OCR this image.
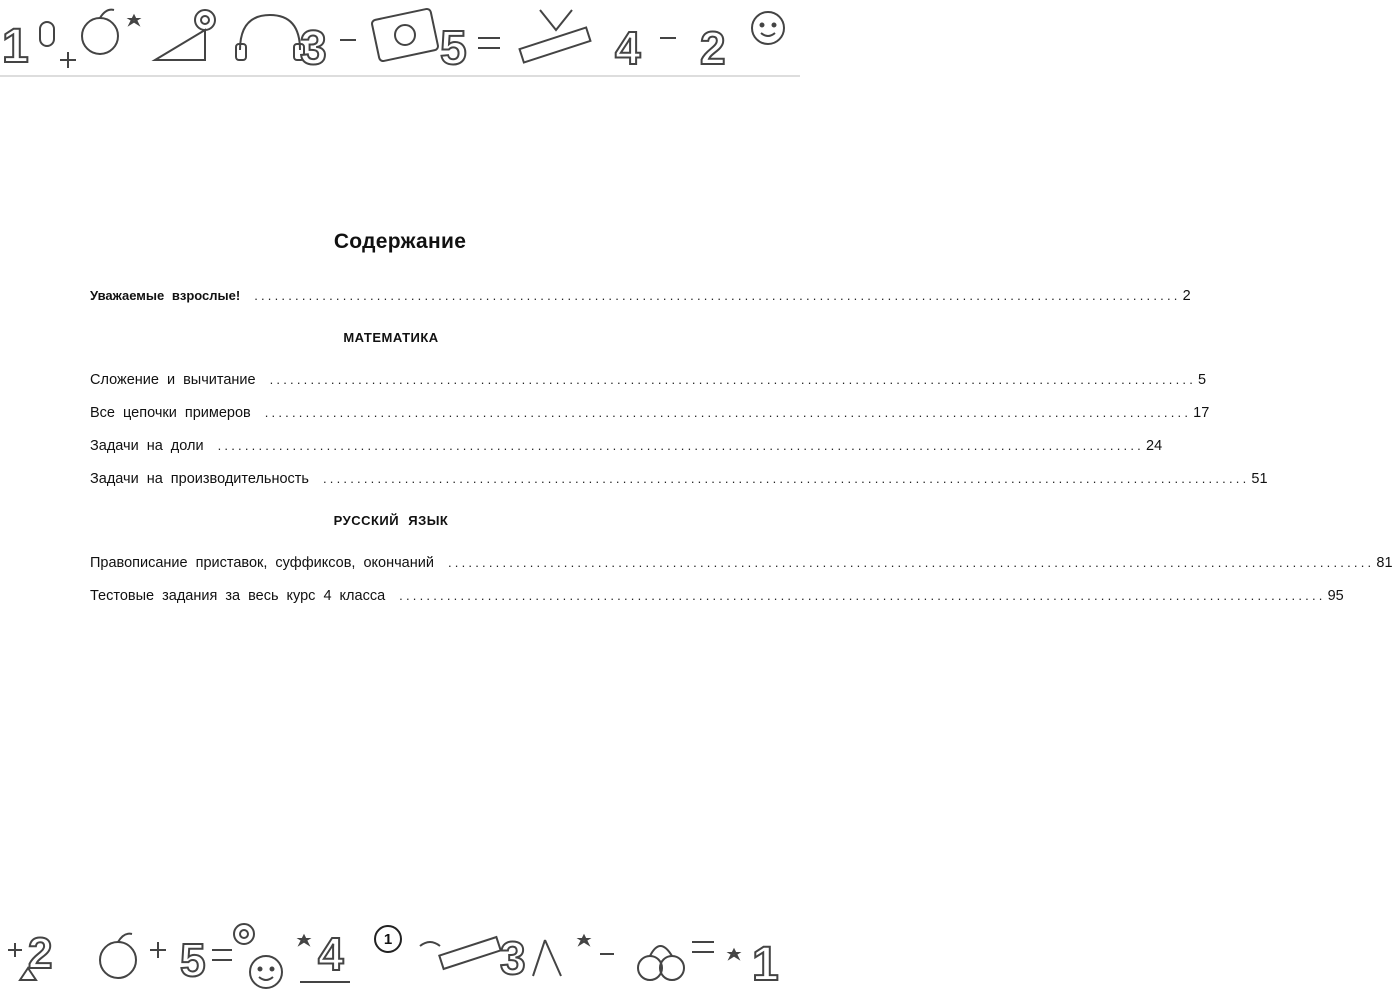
1	3 5	4 2
Содержание
Уважаемые взрослые! ........................................................................................................................................ 2
МАТЕМАТИКА
Сложение и вычитание ........................................................................................................................................ 5
Все цепочки примеров ........................................................................................................................................ 17
Задачи на доли ........................................................................................................................................ 24
Задачи на производительность ........................................................................................................................................ 51
РУССКИЙ ЯЗЫК
Правописание приставок, суффиксов, окончаний ........................................................................................................................................ 81
Тестовые задания за весь курс 4 класса ........................................................................................................................................ 95
2	5 4	3	1
1
